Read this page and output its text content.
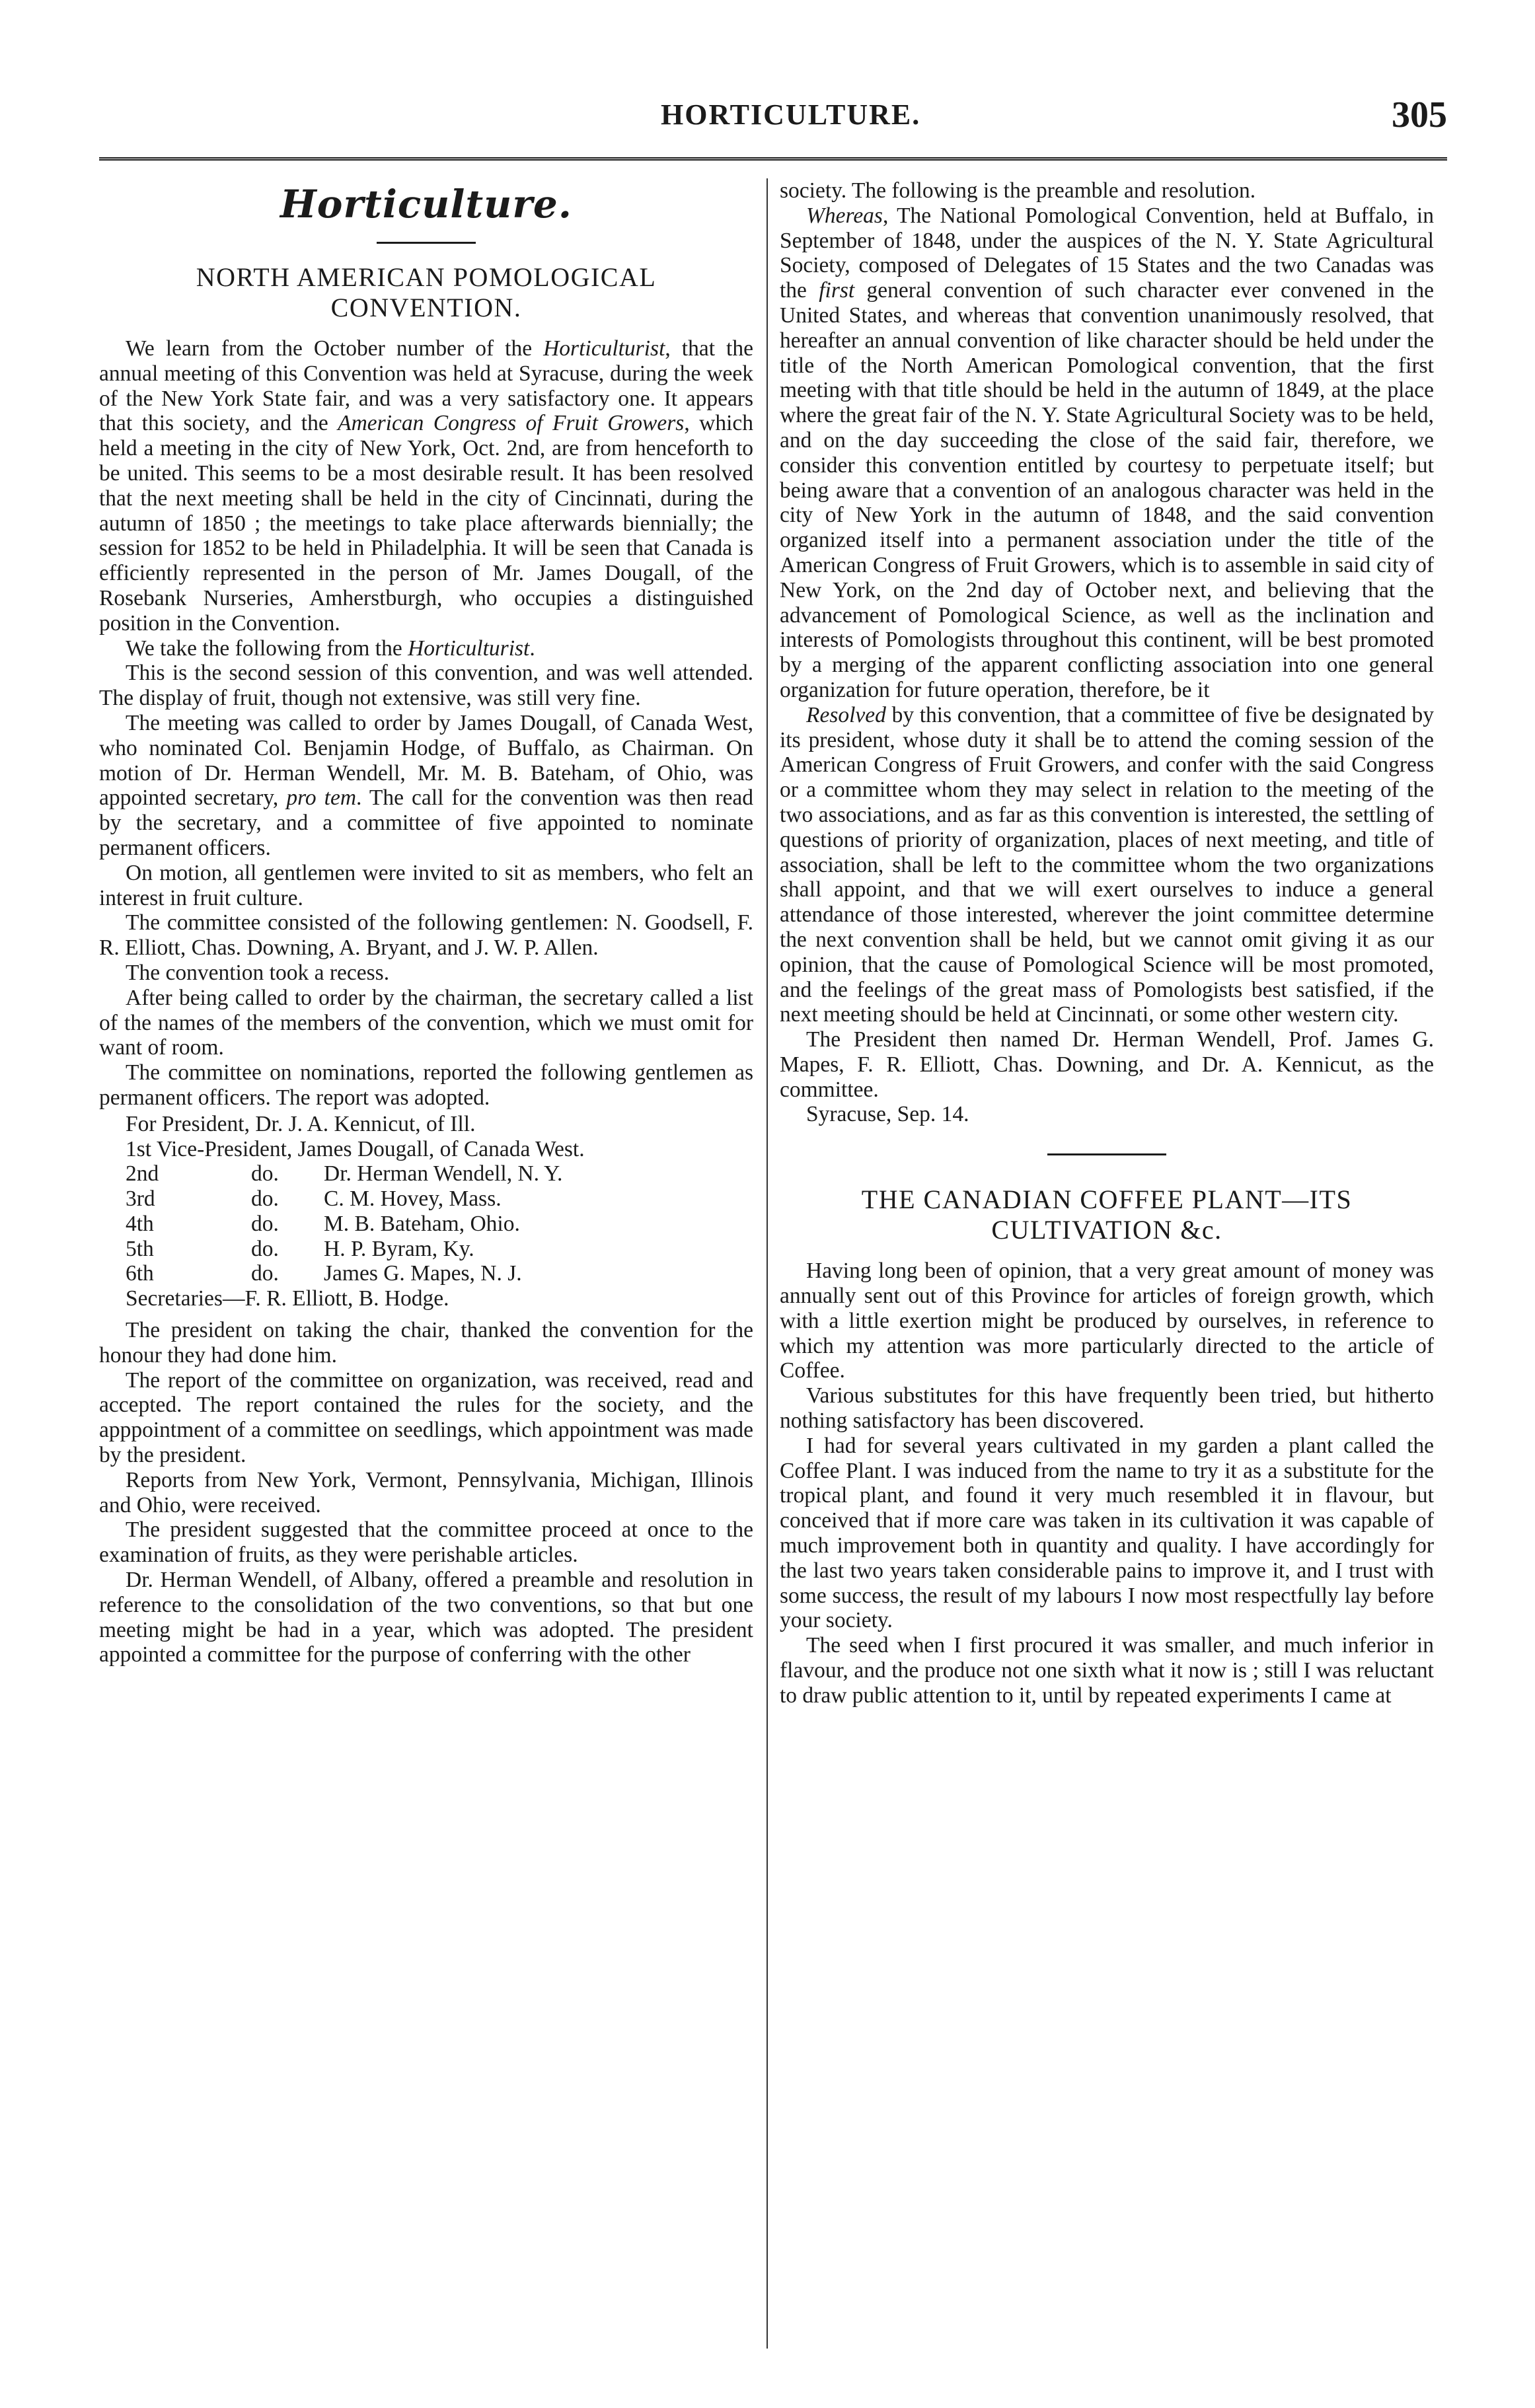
HORTICULTURE.	305
Horticulture.
NORTH AMERICAN POMOLOGICAL CONVENTION.

We learn from the October number of the Horticulturist, that the annual meeting of this Convention was held at Syracuse, during the week of the New York State fair, and was a very satisfactory one. It appears that this society, and the American Congress of Fruit Growers, which held a meeting in the city of New York, Oct. 2nd, are from henceforth to be united. This seems to be a most desirable result. It has been resolved that the next meeting shall be held in the city of Cincinnati, during the autumn of 1850 ; the meetings to take place afterwards biennially; the session for 1852 to be held in Philadelphia. It will be seen that Canada is efficiently represented in the person of Mr. James Dougall, of the Rosebank Nurseries, Amherstburgh, who occupies a distinguished position in the Convention.

We take the following from the Horticulturist.

This is the second session of this convention, and was well attended. The display of fruit, though not extensive, was still very fine.

The meeting was called to order by James Dougall, of Canada West, who nominated Col. Benjamin Hodge, of Buffalo, as Chairman. On motion of Dr. Herman Wendell, Mr. M. B. Bateham, of Ohio, was appointed secretary, pro tem. The call for the convention was then read by the secretary, and a committee of five appointed to nominate permanent officers.

On motion, all gentlemen were invited to sit as members, who felt an interest in fruit culture.

The committee consisted of the following gentlemen: N. Goodsell, F. R. Elliott, Chas. Downing, A. Bryant, and J. W. P. Allen.

The convention took a recess.

After being called to order by the chairman, the secretary called a list of the names of the members of the convention, which we must omit for want of room.

The committee on nominations, reported the following gentlemen as permanent officers. The report was adopted.

For President, Dr. J. A. Kennicut, of Ill.
1st Vice-President, James Dougall, of Canada West.
2nd	do.	Dr. Herman Wendell, N. Y.
3rd	do.	C. M. Hovey, Mass.
4th	do.	M. B. Bateham, Ohio.
5th	do.	H. P. Byram, Ky.
6th	do.	James G. Mapes, N. J.
Secretaries—F. R. Elliott, B. Hodge.

The president on taking the chair, thanked the convention for the honour they had done him.

The report of the committee on organization, was received, read and accepted. The report contained the rules for the society, and the apppointment of a committee on seedlings, which appointment was made by the president.

Reports from New York, Vermont, Pennsylvania, Michigan, Illinois and Ohio, were received.

The president suggested that the committee proceed at once to the examination of fruits, as they were perishable articles.

Dr. Herman Wendell, of Albany, offered a preamble and resolution in reference to the consolidation of the two conventions, so that but one meeting might be had in a year, which was adopted. The president appointed a committee for the purpose of conferring with the other

society. The following is the preamble and resolution.

Whereas, The National Pomological Convention, held at Buffalo, in September of 1848, under the auspices of the N. Y. State Agricultural Society, composed of Delegates of 15 States and the two Canadas was the first general convention of such character ever convened in the United States, and whereas that convention unanimously resolved, that hereafter an annual convention of like character should be held under the title of the North American Pomological convention, that the first meeting with that title should be held in the autumn of 1849, at the place where the great fair of the N. Y. State Agricultural Society was to be held, and on the day succeeding the close of the said fair, therefore, we consider this convention entitled by courtesy to perpetuate itself; but being aware that a convention of an analogous character was held in the city of New York in the autumn of 1848, and the said convention organized itself into a permanent association under the title of the American Congress of Fruit Growers, which is to assemble in said city of New York, on the 2nd day of October next, and believing that the advancement of Pomological Science, as well as the inclination and interests of Pomologists throughout this continent, will be best promoted by a merging of the apparent conflicting association into one general organization for future operation, therefore, be it

Resolved by this convention, that a committee of five be designated by its president, whose duty it shall be to attend the coming session of the American Congress of Fruit Growers, and confer with the said Congress or a committee whom they may select in relation to the meeting of the two associations, and as far as this convention is interested, the settling of questions of priority of organization, places of next meeting, and title of association, shall be left to the committee whom the two organizations shall appoint, and that we will exert ourselves to induce a general attendance of those interested, wherever the joint committee determine the next convention shall be held, but we cannot omit giving it as our opinion, that the cause of Pomological Science will be most promoted, and the feelings of the great mass of Pomologists best satisfied, if the next meeting should be held at Cincinnati, or some other western city.

The President then named Dr. Herman Wendell, Prof. James G. Mapes, F. R. Elliott, Chas. Downing, and Dr. A. Kennicut, as the committee.

Syracuse, Sep. 14.

THE CANADIAN COFFEE PLANT—ITS CULTIVATION &c.

Having long been of opinion, that a very great amount of money was annually sent out of this Province for articles of foreign growth, which with a little exertion might be produced by ourselves, in reference to which my attention was more particularly directed to the article of Coffee.

Various substitutes for this have frequently been tried, but hitherto nothing satisfactory has been discovered.

I had for several years cultivated in my garden a plant called the Coffee Plant. I was induced from the name to try it as a substitute for the tropical plant, and found it very much resembled it in flavour, but conceived that if more care was taken in its cultivation it was capable of much improvement both in quantity and quality. I have accordingly for the last two years taken considerable pains to improve it, and I trust with some success, the result of my labours I now most respectfully lay before your society.

The seed when I first procured it was smaller, and much inferior in flavour, and the produce not one sixth what it now is ; still I was reluctant to draw public attention to it, until by repeated experiments I came at
